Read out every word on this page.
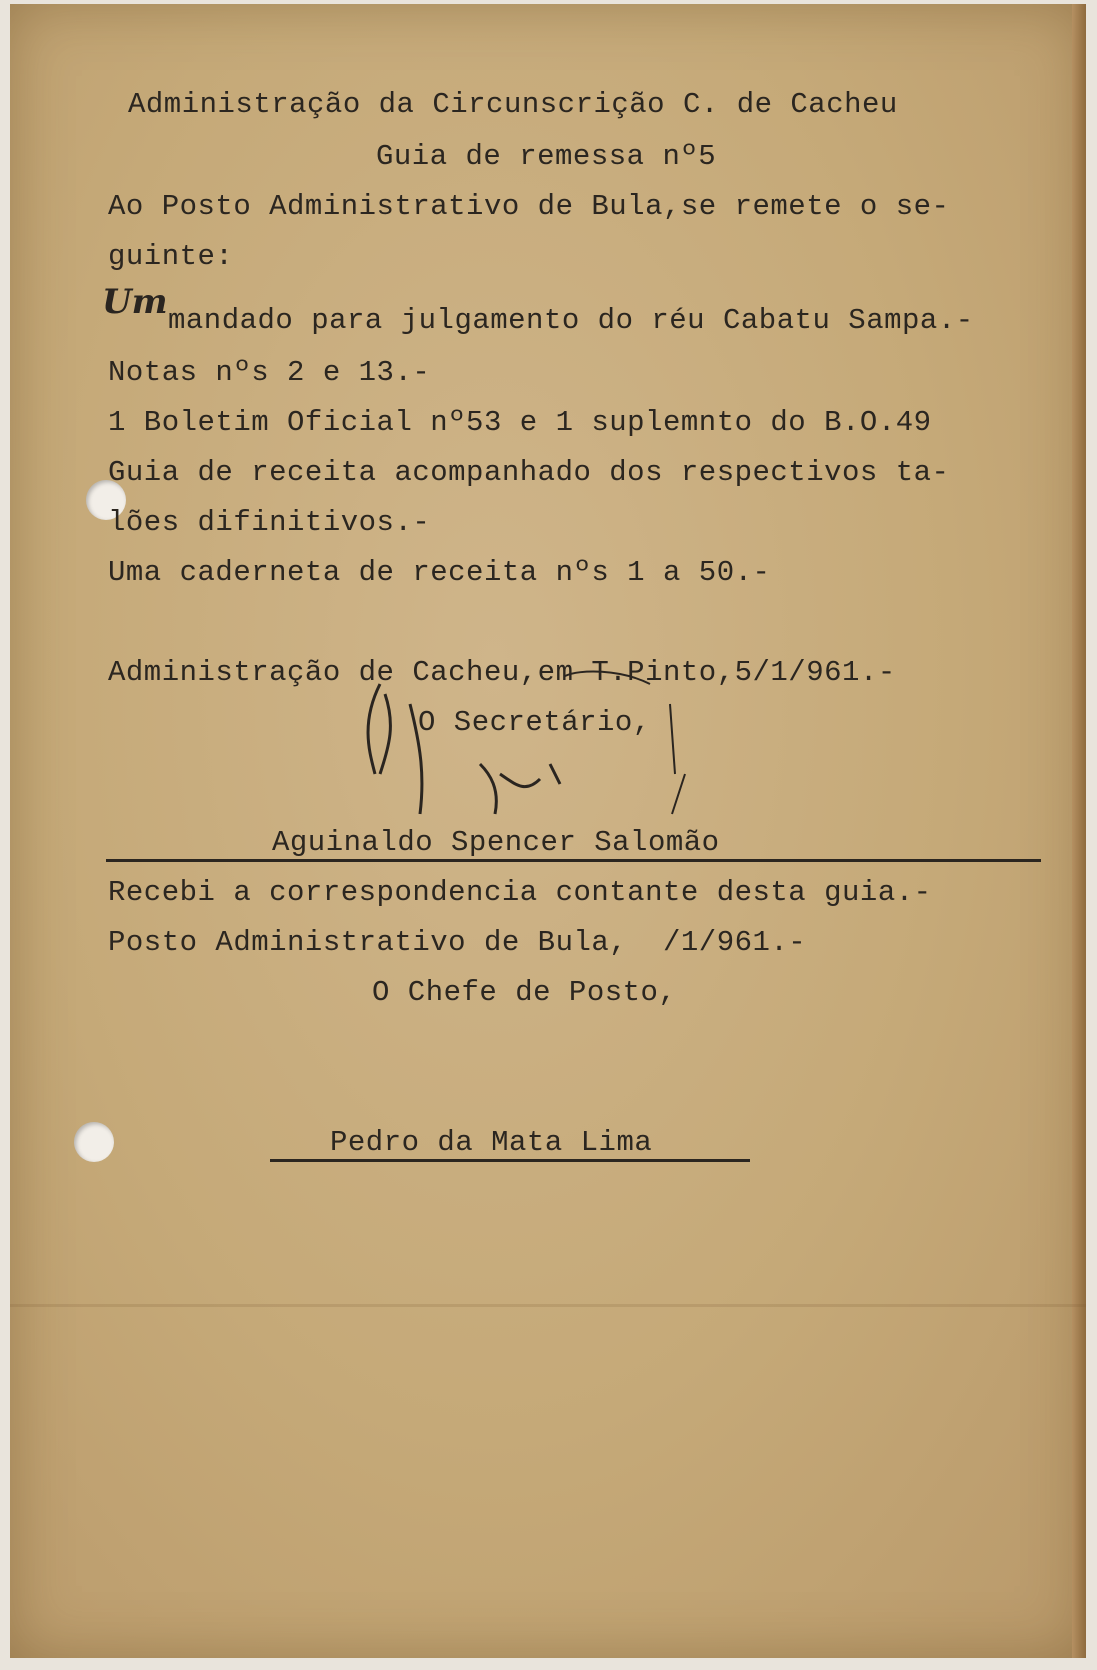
Administração da Circunscrição C. de Cacheu
Guia de remessa nº5
Ao Posto Administrativo de Bula,se remete o se-
guinte:
Um mandado para julgamento do réu Cabatu Sampa.-
Notas nºs 2 e 13.-
1 Boletim Oficial nº53 e 1 suplemnto do B.O.49
Guia de receita acompanhado dos respectivos ta-
lões difinitivos.-
Uma caderneta de receita nºs 1 a 50.-
Administração de Cacheu,em T.Pinto,5/1/961.-
O Secretário,
Aguinaldo Spencer Salomão
Recebi a correspondencia contante desta guia.-
Posto Administrativo de Bula,  /1/961.-
O Chefe de Posto,
Pedro da Mata Lima
